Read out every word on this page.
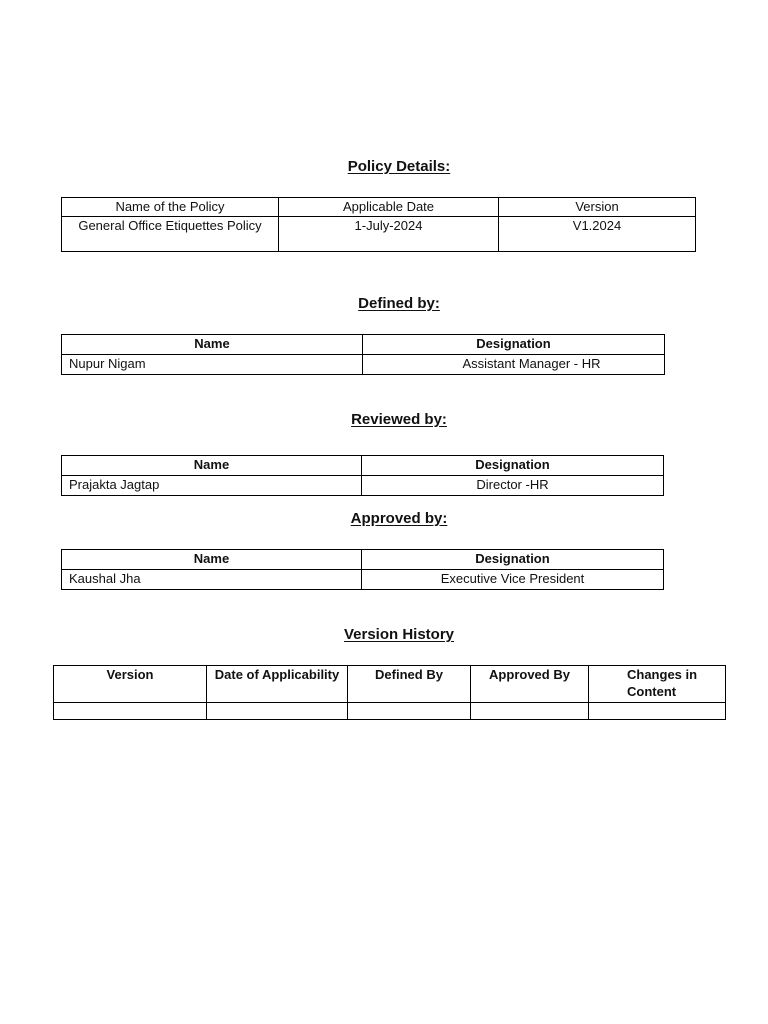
Policy Details:
Name of the Policy	Applicable Date	Version
General Office Etiquettes Policy	1-July-2024	V1.2024
Defined by:
Name	Designation
Nupur Nigam	Assistant Manager - HR
Reviewed by:
Name	Designation
Prajakta Jagtap	Director -HR
Approved by:
Name	Designation
Kaushal Jha	Executive Vice President
Version History
Version	Date of Applicability	Defined By	Approved By	Changes in Content
